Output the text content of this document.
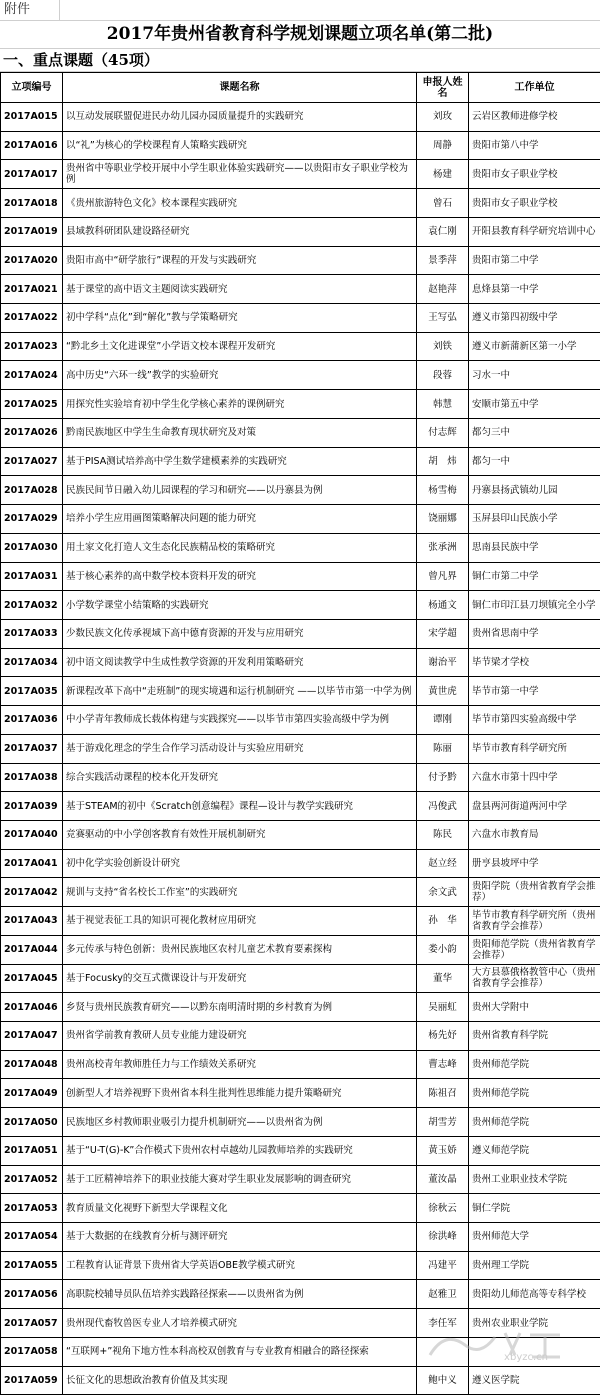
附件
2017年贵州省教育科学规划课题立项名单(第二批)
一、重点课题（45项）
立项编号	课题名称	申报人姓名	工作单位
2017A015	以互动发展联盟促进民办幼儿园办园质量提升的实践研究	刘玫	云岩区教师进修学校
2017A016	以“礼”为核心的学校课程育人策略实践研究	周静	贵阳市第八中学
2017A017	贵州省中等职业学校开展中小学生职业体验实践研究——以贵阳市女子职业学校为例	杨建	贵阳市女子职业学校
2017A018	《贵州旅游特色文化》校本课程实践研究	曾石	贵阳市女子职业学校
2017A019	县域教科研团队建设路径研究	袁仁刚	开阳县教育科学研究培训中心
2017A020	贵阳市高中“研学旅行”课程的开发与实践研究	景季萍	贵阳市第二中学
2017A021	基于课堂的高中语文主题阅读实践研究	赵艳萍	息烽县第一中学
2017A022	初中学科“点化”到“解化”教与学策略研究	王写弘	遵义市第四初级中学
2017A023	“黔北乡土文化进课堂”小学语文校本课程开发研究	刘铁	遵义市新蒲新区第一小学
2017A024	高中历史“六环一线”教学的实验研究	段蓉	习水一中
2017A025	用探究性实验培育初中学生化学核心素养的课例研究	韩慧	安顺市第五中学
2017A026	黔南民族地区中学生生命教育现状研究及对策	付志辉	都匀三中
2017A027	基于PISA测试培养高中学生数学建模素养的实践研究	胡　炜	都匀一中
2017A028	民族民间节日融入幼儿园课程的学习和研究——以丹寨县为例	杨雪梅	丹寨县扬武镇幼儿园
2017A029	培养小学生应用画图策略解决问题的能力研究	饶丽娜	玉屏县印山民族小学
2017A030	用土家文化打造人文生态化民族精品校的策略研究	张承洲	思南县民族中学
2017A031	基于核心素养的高中数学校本资料开发的研究	曾凡界	铜仁市第二中学
2017A032	小学数学课堂小结策略的实践研究	杨通文	铜仁市印江县刀坝镇完全小学
2017A033	少数民族文化传承视域下高中德育资源的开发与应用研究	宋学超	贵州省思南中学
2017A034	初中语文阅读教学中生成性教学资源的开发利用策略研究	谢治平	毕节梁才学校
2017A035	新课程改革下高中“走班制”的现实境遇和运行机制研究 ——以毕节市第一中学为例	黄世虎	毕节市第一中学
2017A036	中小学青年教师成长载体构建与实践探究——以毕节市第四实验高级中学为例	谭刚	毕节市第四实验高级中学
2017A037	基于游戏化理念的学生合作学习活动设计与实验应用研究	陈丽	毕节市教育科学研究所
2017A038	综合实践活动课程的校本化开发研究	付予黔	六盘水市第十四中学
2017A039	基于STEAM的初中《Scratch创意编程》课程—设计与教学实践研究	冯俊武	盘县两河街道两河中学
2017A040	竞赛驱动的中小学创客教育有效性开展机制研究	陈民	六盘水市教育局
2017A041	初中化学实验创新设计研究	赵立经	册亨县坡坪中学
2017A042	规训与支持“省名校长工作室”的实践研究	余文武	贵阳学院（贵州省教育学会推荐）
2017A043	基于视觉表征工具的知识可视化教材应用研究	孙　华	毕节市教育科学研究所（贵州省教育学会推荐）
2017A044	多元传承与特色创新：贵州民族地区农村儿童艺术教育要素探构	娄小韵	贵阳师范学院（贵州省教育学会推荐）
2017A045	基于Focusky的交互式微课设计与开发研究	董华	大方县慕俄格教管中心（贵州省教育学会推荐）
2017A046	乡贤与贵州民族教育研究——以黔东南明清时期的乡村教育为例	吴丽虹	贵州大学附中
2017A047	贵州省学前教育教研人员专业能力建设研究	杨先妤	贵州省教育科学院
2017A048	贵州高校青年教师胜任力与工作绩效关系研究	曹志峰	贵州师范学院
2017A049	创新型人才培养视野下贵州省本科生批判性思维能力提升策略研究	陈祖召	贵州师范学院
2017A050	民族地区乡村教师职业吸引力提升机制研究——以贵州省为例	胡雪芳	贵州师范学院
2017A051	基于“U-T(G)-K”合作模式下贵州农村卓越幼儿园教师培养的实践研究	黄玉娇	遵义师范学院
2017A052	基于工匠精神培养下的职业技能大赛对学生职业发展影响的调查研究	董汝晶	贵州工业职业技术学院
2017A053	教育质量文化视野下新型大学课程文化	徐秋云	铜仁学院
2017A054	基于大数据的在线教育分析与测评研究	徐洪峰	贵州师范大学
2017A055	工程教育认证背景下贵州省大学英语OBE教学模式研究	冯建平	贵州理工学院
2017A056	高职院校辅导员队伍培养实践路径探索——以贵州省为例	赵雅卫	贵阳幼儿师范高等专科学校
2017A057	贵州现代畜牧兽医专业人才培养模式研究	李任军	贵州农业职业学院
2017A058	“互联网+”视角下地方性本科高校双创教育与专业教育相融合的路径探索		
2017A059	长征文化的思想政治教育价值及其实现	鲍中义	遵义医学院
xbyzc.cn
